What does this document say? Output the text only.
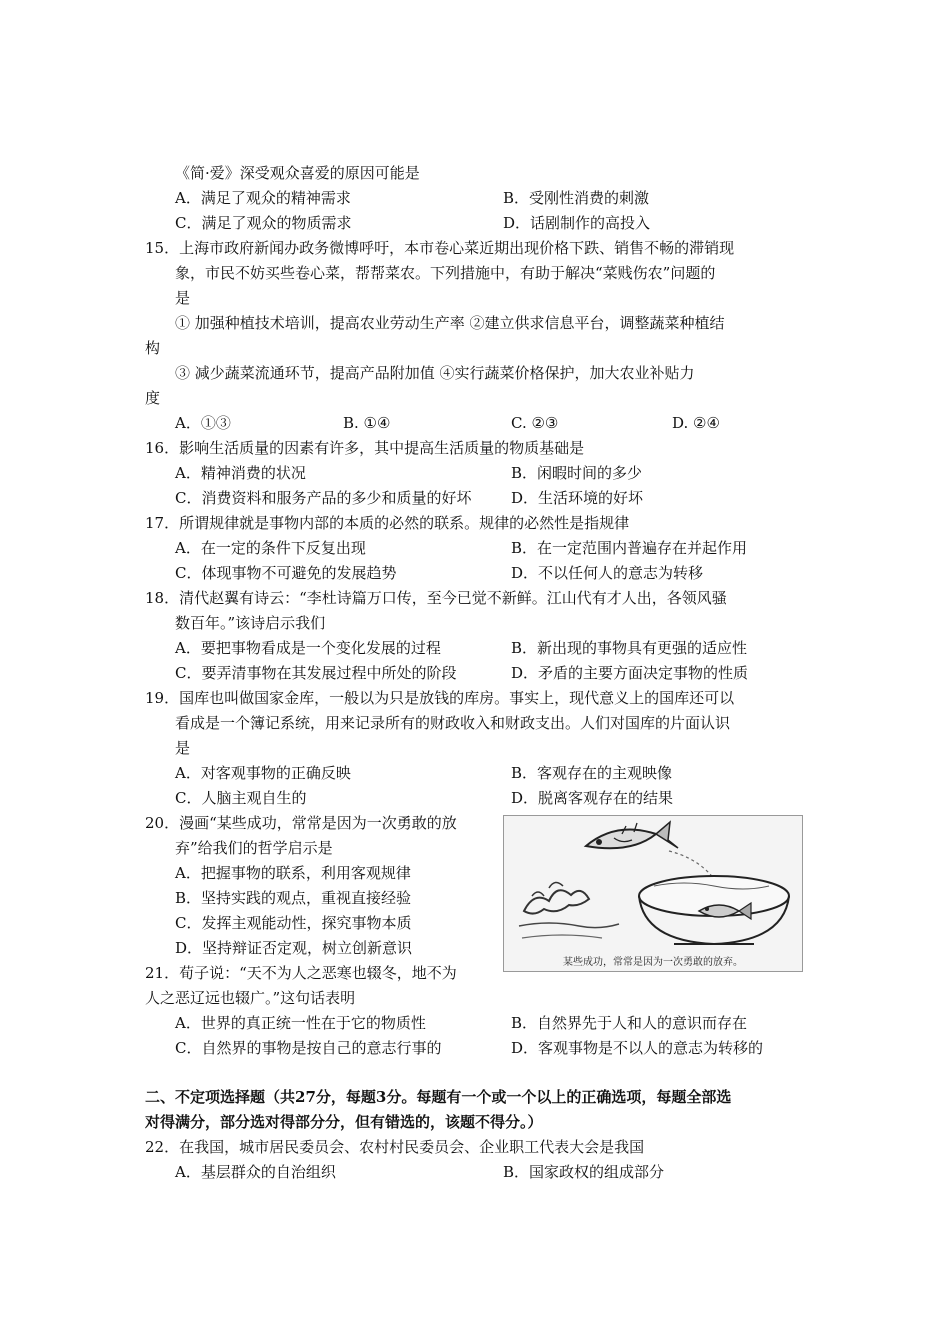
《简·爱》深受观众喜爱的原因可能是
A．满足了观众的精神需求	B．受刚性消费的刺激
C．满足了观众的物质需求	D．话剧制作的高投入
15．上海市政府新闻办政务微博呼吁，本市卷心菜近期出现价格下跌、销售不畅的滞销现
象，市民不妨买些卷心菜，帮帮菜农。下列措施中，有助于解决“菜贱伤农”问题的
是
① 加强种植技术培训，提高农业劳动生产率 ②建立供求信息平台，调整蔬菜种植结
构
③ 减少蔬菜流通环节，提高产品附加值 ④实行蔬菜价格保护，加大农业补贴力
度
A．①③	B. ①④	C. ②③	D. ②④
16．影响生活质量的因素有许多，其中提高生活质量的物质基础是
A．精神消费的状况	B．闲暇时间的多少
C．消费资料和服务产品的多少和质量的好坏	D．生活环境的好坏
17．所谓规律就是事物内部的本质的必然的联系。规律的必然性是指规律
A．在一定的条件下反复出现	B．在一定范围内普遍存在并起作用
C．体现事物不可避免的发展趋势	D．不以任何人的意志为转移
18．清代赵翼有诗云：“李杜诗篇万口传，至今已觉不新鲜。江山代有才人出，各领风骚
数百年。”该诗启示我们
A．要把事物看成是一个变化发展的过程	B．新出现的事物具有更强的适应性
C．要弄清事物在其发展过程中所处的阶段	D．矛盾的主要方面决定事物的性质
19．国库也叫做国家金库，一般以为只是放钱的库房。事实上，现代意义上的国库还可以
看成是一个簿记系统，用来记录所有的财政收入和财政支出。人们对国库的片面认识
是
A．对客观事物的正确反映	B．客观存在的主观映像
C．人脑主观自生的	D．脱离客观存在的结果
20．漫画“某些成功，常常是因为一次勇敢的放
弃”给我们的哲学启示是
A．把握事物的联系，利用客观规律
B．坚持实践的观点，重视直接经验
C．发挥主观能动性，探究事物本质
D．坚持辩证否定观，树立创新意识
某些成功，常常是因为一次勇敢的放弃。
21．荀子说：“天不为人之恶寒也辍冬，地不为
人之恶辽远也辍广。”这句话表明
A．世界的真正统一性在于它的物质性	B．自然界先于人和人的意识而存在
C．自然界的事物是按自己的意志行事的	D．客观事物是不以人的意志为转移的
二、不定项选择题（共27分，每题3分。每题有一个或一个以上的正确选项，每题全部选
对得满分，部分选对得部分分，但有错选的，该题不得分。）
22．在我国，城市居民委员会、农村村民委员会、企业职工代表大会是我国
A．基层群众的自治组织	B．国家政权的组成部分
